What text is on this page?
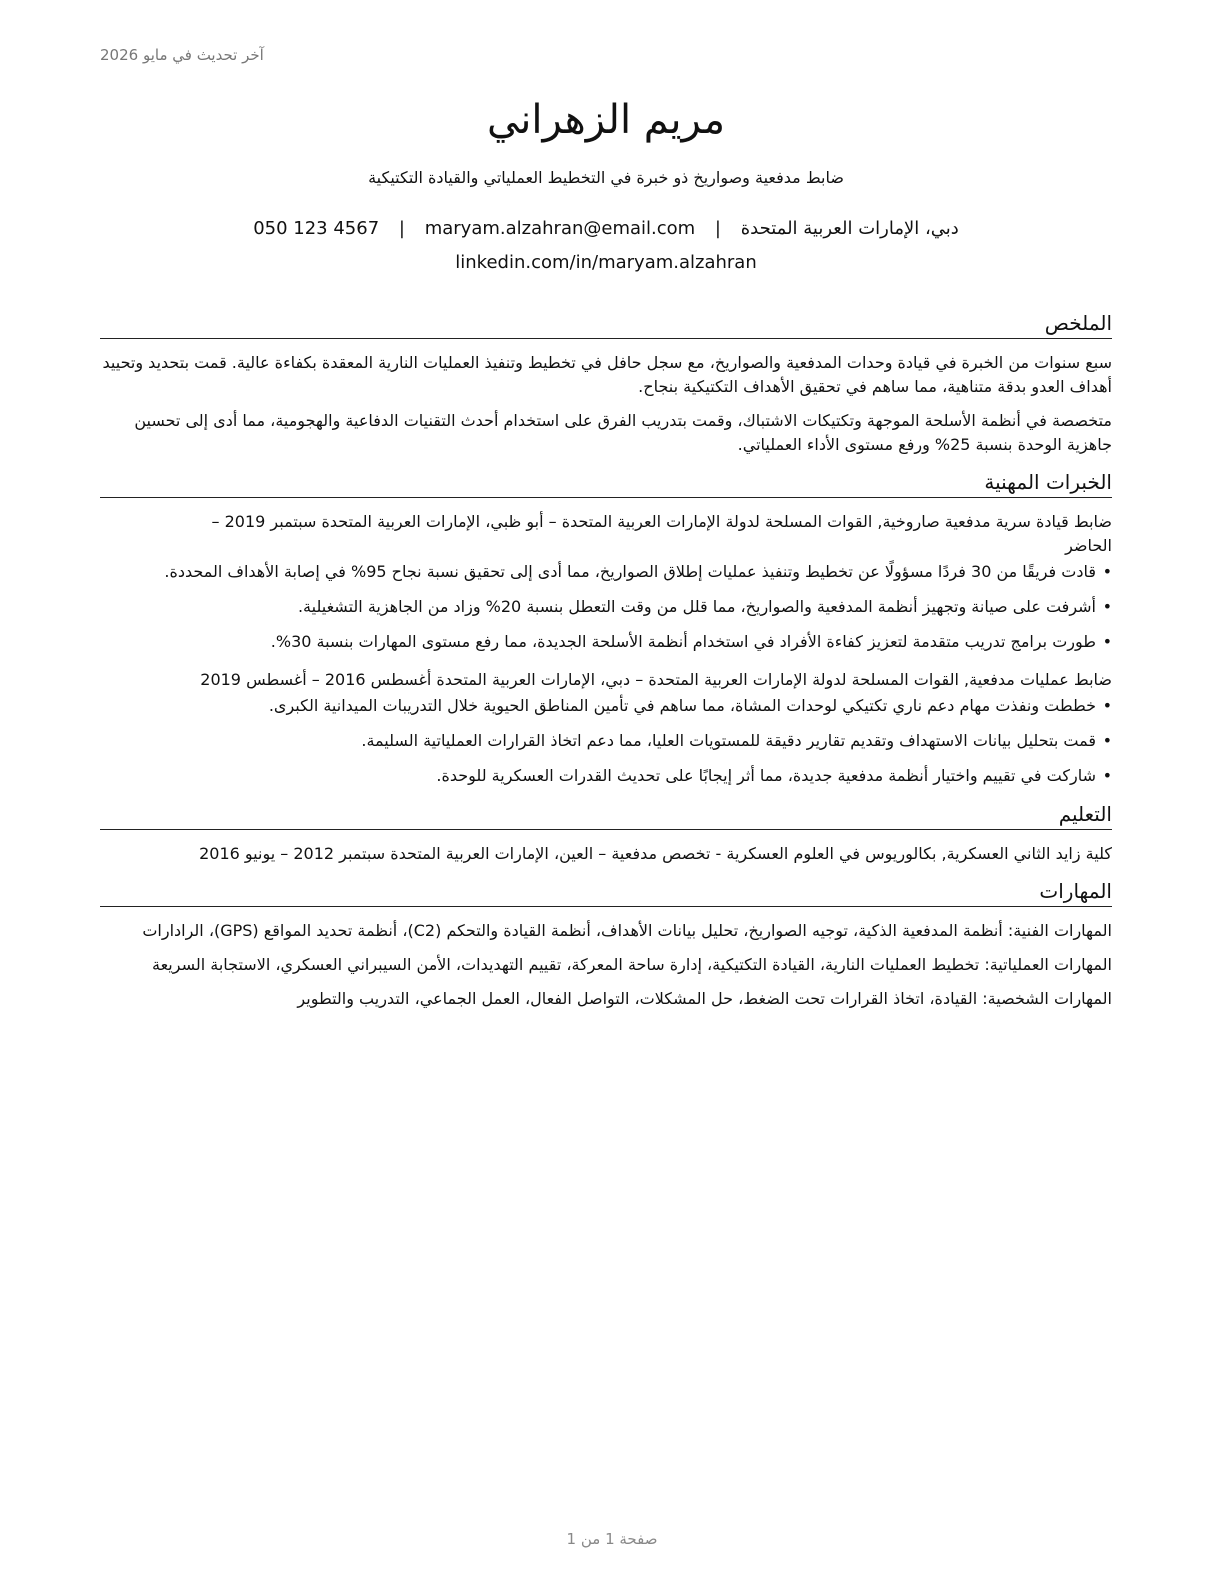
آخر تحديث في مايو 2026
مريم الزهراني
ضابط مدفعية وصواريخ ذو خبرة في التخطيط العملياتي والقيادة التكتيكية
دبي، الإمارات العربية المتحدة | maryam.alzahran@email.com | 050 123 4567
linkedin.com/in/maryam.alzahran
الملخص

سبع سنوات من الخبرة في قيادة وحدات المدفعية والصواريخ، مع سجل حافل في تخطيط وتنفيذ العمليات النارية المعقدة بكفاءة عالية. قمت بتحديد وتحييد أهداف العدو بدقة متناهية، مما ساهم في تحقيق الأهداف التكتيكية بنجاح.

متخصصة في أنظمة الأسلحة الموجهة وتكتيكات الاشتباك، وقمت بتدريب الفرق على استخدام أحدث التقنيات الدفاعية والهجومية، مما أدى إلى تحسين جاهزية الوحدة بنسبة 25% ورفع مستوى الأداء العملياتي.

الخبرات المهنية
ضابط قيادة سرية مدفعية صاروخية, القوات المسلحة لدولة الإمارات العربية المتحدة – أبو ظبي، الإمارات العربية المتحدة سبتمبر 2019 – الحاضر
• قادت فريقًا من 30 فردًا مسؤولًا عن تخطيط وتنفيذ عمليات إطلاق الصواريخ، مما أدى إلى تحقيق نسبة نجاح 95% في إصابة الأهداف المحددة.
• أشرفت على صيانة وتجهيز أنظمة المدفعية والصواريخ، مما قلل من وقت التعطل بنسبة 20% وزاد من الجاهزية التشغيلية.
• طورت برامج تدريب متقدمة لتعزيز كفاءة الأفراد في استخدام أنظمة الأسلحة الجديدة، مما رفع مستوى المهارات بنسبة 30%.
ضابط عمليات مدفعية, القوات المسلحة لدولة الإمارات العربية المتحدة – دبي، الإمارات العربية المتحدة أغسطس 2016 – أغسطس 2019
• خططت ونفذت مهام دعم ناري تكتيكي لوحدات المشاة، مما ساهم في تأمين المناطق الحيوية خلال التدريبات الميدانية الكبرى.
• قمت بتحليل بيانات الاستهداف وتقديم تقارير دقيقة للمستويات العليا، مما دعم اتخاذ القرارات العملياتية السليمة.
• شاركت في تقييم واختيار أنظمة مدفعية جديدة، مما أثر إيجابًا على تحديث القدرات العسكرية للوحدة.
التعليم

كلية زايد الثاني العسكرية, بكالوريوس في العلوم العسكرية - تخصص مدفعية – العين، الإمارات العربية المتحدة سبتمبر 2012 – يونيو 2016

المهارات

المهارات الفنية: أنظمة المدفعية الذكية، توجيه الصواريخ، تحليل بيانات الأهداف، أنظمة القيادة والتحكم (C2)، أنظمة تحديد المواقع (GPS)، الرادارات

المهارات العملياتية: تخطيط العمليات النارية، القيادة التكتيكية، إدارة ساحة المعركة، تقييم التهديدات، الأمن السيبراني العسكري، الاستجابة السريعة

المهارات الشخصية: القيادة، اتخاذ القرارات تحت الضغط، حل المشكلات، التواصل الفعال، العمل الجماعي، التدريب والتطوير

صفحة 1 من 1
